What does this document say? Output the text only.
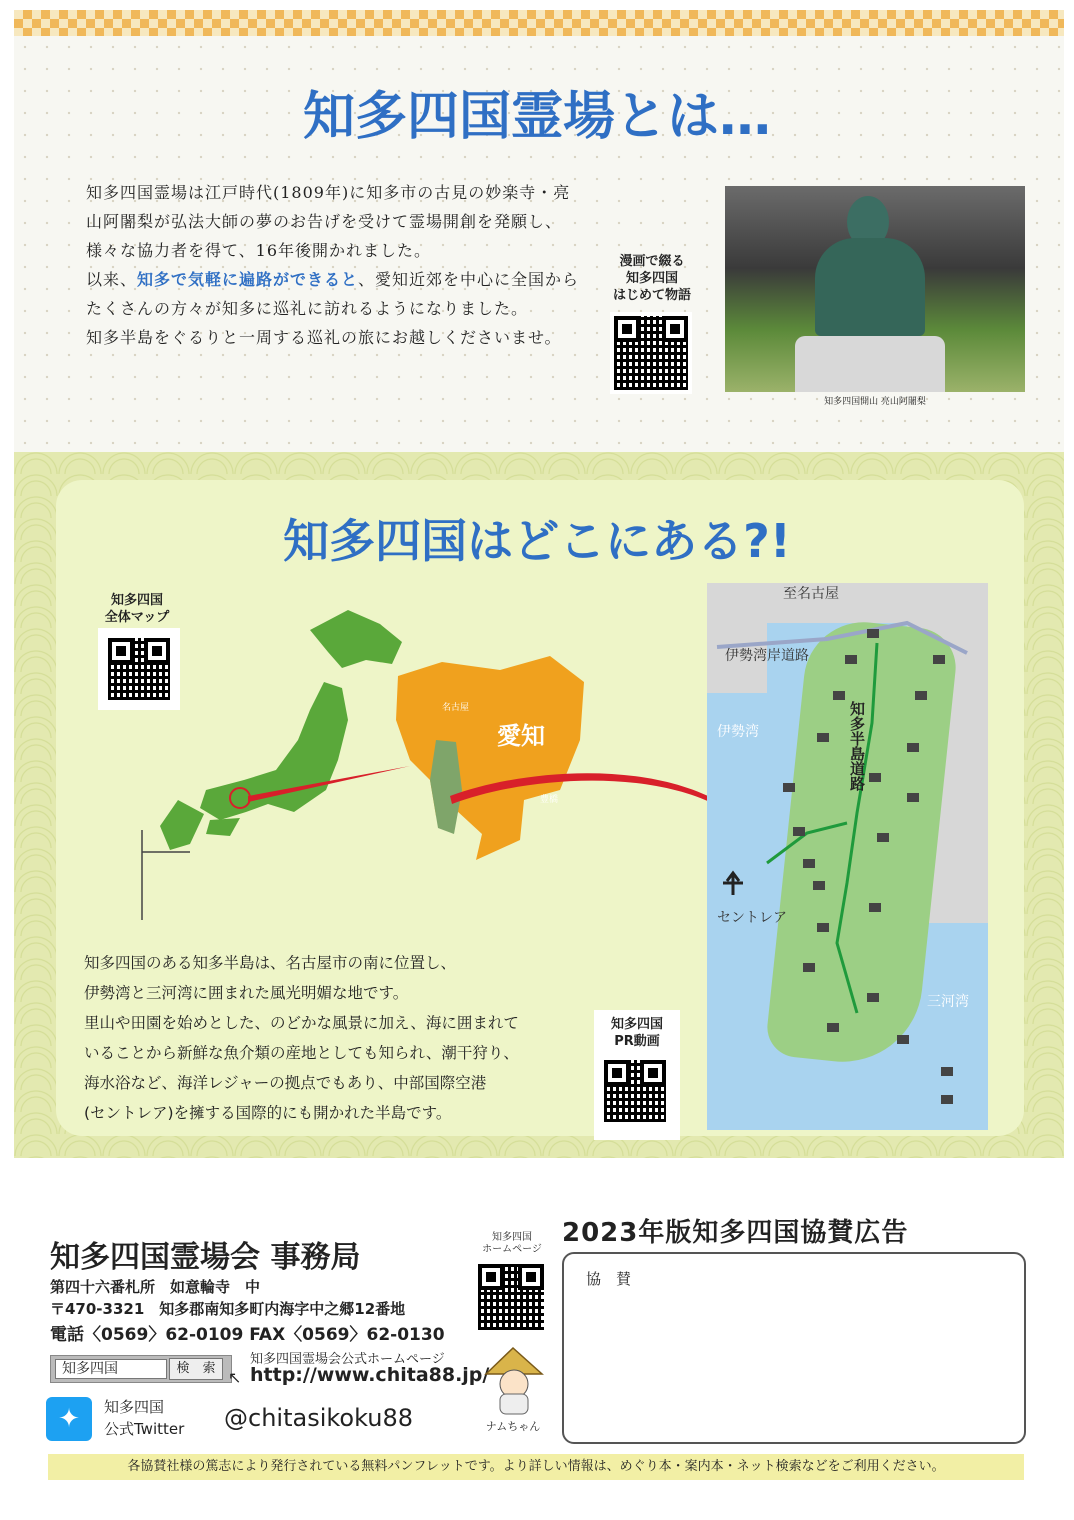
知多四国霊場とは…
知多四国霊場は江戸時代(1809年)に知多市の古見の妙楽寺・亮山阿闍梨が弘法大師の夢のお告げを受けて霊場開創を発願し、様々な協力者を得て、16年後開かれました。
以来、知多で気軽に遍路ができると、愛知近郊を中心に全国からたくさんの方々が知多に巡礼に訪れるようになりました。
知多半島をぐるりと一周する巡礼の旅にお越しくださいませ。
漫画で綴る
知多四国
はじめて物語
知多四国開山 亮山阿闍梨
知多四国はどこにある?!
知多四国
全体マップ
名古屋
愛知
豊橋
至名古屋
伊勢湾岸道路
伊勢湾	知多半島道路
セントレア
三河湾
知多四国のある知多半島は、名古屋市の南に位置し、
伊勢湾と三河湾に囲まれた風光明媚な地です。
里山や田園を始めとした、のどかな風景に加え、海に囲まれて
いることから新鮮な魚介類の産地としても知られ、潮干狩り、
海水浴など、海洋レジャーの拠点でもあり、中部国際空港
(セントレア)を擁する国際的にも開かれた半島です。
知多四国
PR動画
知多四国霊場会 事務局
第四十六番札所　如意輪寺　中
〒470-3321　知多郡南知多町内海字中之郷12番地
電話〈0569〉62-0109 FAX〈0569〉62-0130
知多四国	検　索 ↖
知多四国霊場会公式ホームページ
http://www.chita88.jp/
✦	知多四国
公式Twitter @chitasikoku88
知多四国
ホームページ
ナムちゃん
2023年版知多四国協賛広告
協　賛
各協賛社様の篤志により発行されている無料パンフレットです。より詳しい情報は、めぐり本・案内本・ネット検索などをご利用ください。
